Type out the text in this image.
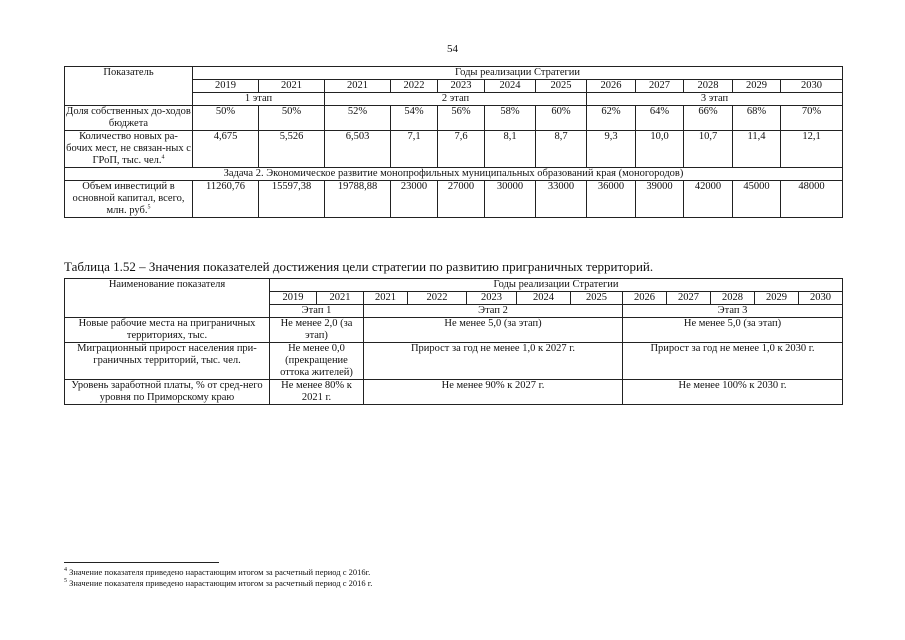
54
Показатель	Годы реализации Стратегии											
	2019	2021	2021	2022	2023	2024	2025	2026	2027	2028	2029	2030
	1 этап		2 этап					3 этап				
Доля собственных до-ходов бюджета	50%	50%	52%	54%	56%	58%	60%	62%	64%	66%	68%	70%
Количество новых ра-бочих мест, не связан-ных с ГРоП, тыс. чел.$^4$	4,675	5,526	6,503	7,1	7,6	8,1	8,7	9,3	10,0	10,7	11,4	12,1
Задача 2. Экономическое развитие монопрофильных муниципальных образований края (моногородов)												
Объем инвестиций в основной капитал, всего, млн. руб.$^5$	11260,76	15597,38	19788,88	23000	27000	30000	33000	36000	39000	42000	45000	48000
Таблица 1.52 – Значения показателей достижения цели стратегии по развитию приграничных территорий.
Наименование показателя	Годы реализации Стратегии											
	2019	2021	2021	2022	2023	2024	2025	2026	2027	2028	2029	2030
	Этап 1		Этап 2					Этап 3				
Новые рабочие места на приграничных территориях, тыс.	Не менее 2,0 (за этап)		Не менее 5,0 (за этап)					Не менее 5,0 (за этап)				
Миграционный прирост населения при-граничных территорий, тыс. чел.	Не менее 0,0 (прекращение оттока жителей)		Прирост за год не менее 1,0 к 2027 г.					Прирост за год не менее 1,0 к 2030 г.				
Уровень заработной платы, % от сред-него уровня по Приморскому краю	Не менее 80% к 2021 г.		Не менее 90% к 2027 г.					Не менее 100% к 2030 г.				
$^4$ Значение показателя приведено нарастающим итогом за расчетный период с 2016г.
$^5$ Значение показателя приведено нарастающим итогом за расчетный период с 2016 г.
